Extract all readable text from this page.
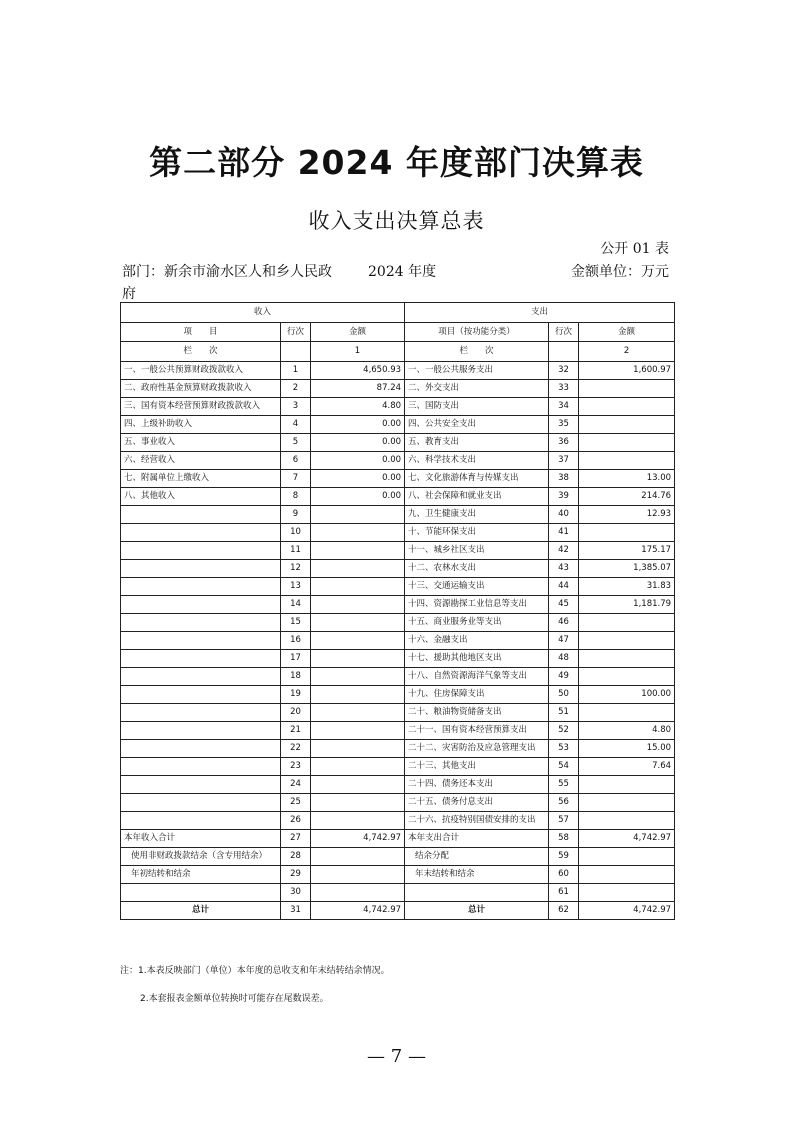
第二部分 2024 年度部门决算表
收入支出决算总表
公开 01 表
部门：新余市渝水区人和乡人民政府
2024 年度	金额单位：万元
收入			支出		
项　　目	行次	金额	项目（按功能分类）	行次	金额
栏　　次		1	栏　　次		2
一、一般公共预算财政拨款收入	1	4,650.93	一、一般公共服务支出	32	1,600.97
二、政府性基金预算财政拨款收入	2	87.24	二、外交支出	33	
三、国有资本经营预算财政拨款收入	3	4.80	三、国防支出	34	
四、上级补助收入	4	0.00	四、公共安全支出	35	
五、事业收入	5	0.00	五、教育支出	36	
六、经营收入	6	0.00	六、科学技术支出	37	
七、附属单位上缴收入	7	0.00	七、文化旅游体育与传媒支出	38	13.00
八、其他收入	8	0.00	八、社会保障和就业支出	39	214.76
	9		九、卫生健康支出	40	12.93
	10		十、节能环保支出	41	
	11		十一、城乡社区支出	42	175.17
	12		十二、农林水支出	43	1,385.07
	13		十三、交通运输支出	44	31.83
	14		十四、资源勘探工业信息等支出	45	1,181.79
	15		十五、商业服务业等支出	46	
	16		十六、金融支出	47	
	17		十七、援助其他地区支出	48	
	18		十八、自然资源海洋气象等支出	49	
	19		十九、住房保障支出	50	100.00
	20		二十、粮油物资储备支出	51	
	21		二十一、国有资本经营预算支出	52	4.80
	22		二十二、灾害防治及应急管理支出	53	15.00
	23		二十三、其他支出	54	7.64
	24		二十四、债务还本支出	55	
	25		二十五、债务付息支出	56	
	26		二十六、抗疫特别国债安排的支出	57	
本年收入合计	27	4,742.97	本年支出合计	58	4,742.97
使用非财政拨款结余（含专用结余）	28		结余分配	59	
年初结转和结余	29		年末结转和结余	60	
	30			61	
总计	31	4,742.97	总计	62	4,742.97
注：1.本表反映部门（单位）本年度的总收支和年末结转结余情况。
2.本套报表金额单位转换时可能存在尾数误差。
— 7 —
